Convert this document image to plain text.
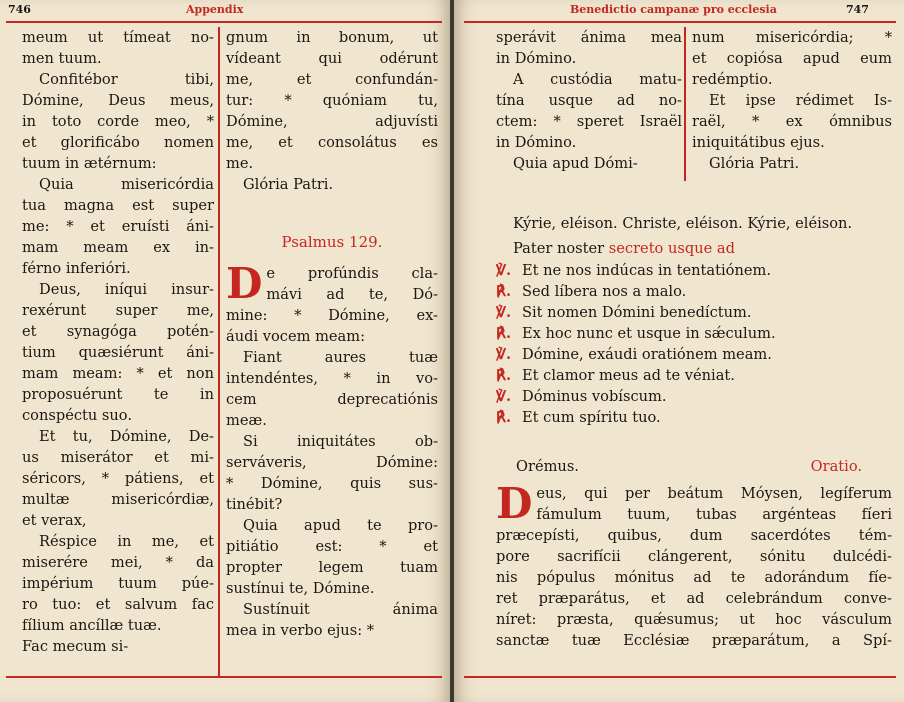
746	Appendix

meum ut tímeat no-

men tuum.

Confitébor tibi,

Dómine, Deus meus,

in toto corde meo, *

et glorificábo nomen

tuum in ætérnum:

Quia misericórdia

tua magna est super

me: * et eruísti áni-

mam meam ex in-

férno inferióri.

Deus, iníqui insur-

rexérunt super me,

et synagóga potén-

tium quæsiérunt áni-

mam meam: * et non

proposuérunt te in

conspéctu suo.

Et tu, Dómine, De-

us miserátor et mi-

séricors, * pátiens, et

multæ misericórdiæ,

et verax,

Réspice in me, et

miserére mei, * da

impérium tuum púe-

ro tuo: et salvum fac

fílium ancíllæ tuæ.

Fac mecum si-

gnum in bonum, ut

vídeant qui odérunt

me, et confundán-

tur: * quóniam tu,

Dómine, adjuvísti

me, et consolátus es

me.

Glória Patri.

Psalmus 129.
D e profúndis cla-

mávi ad te, Dó-

mine: * Dómine, ex-

áudi vocem meam:

Fiant aures tuæ

intendéntes, * in vo-

cem deprecatiónis

meæ.

Si iniquitátes ob-

serváveris, Dómine:

* Dómine, quis sus-

tinébit?

Quia apud te pro-

pitiátio est: * et

propter legem tuam

sustínui te, Dómine.

Sustínuit ánima

mea in verbo ejus: *

Benedictio campanæ pro ecclesia	747

sperávit ánima mea

in Dómino.

A custódia matu-

tína usque ad no-

ctem: * speret Israël

in Dómino.

Quia apud Dómi-

num misericórdia; *

et copiósa apud eum

redémptio.

Et ipse rédimet Is-

raël, * ex ómnibus

iniquitátibus ejus.

Glória Patri.

Kýrie, eléison. Christe, eléison. Kýrie, eléison.

Pater noster secreto usque ad

℣. Et ne nos indúcas in tentatiónem.

℟. Sed líbera nos a malo.

℣. Sit nomen Dómini benedíctum.

℟. Ex hoc nunc et usque in sǽculum.

℣. Dómine, exáudi oratiónem meam.

℟. Et clamor meus ad te véniat.

℣. Dóminus vobíscum.

℟. Et cum spíritu tuo.

Orémus.	Oratio.
D eus, qui per beátum Móysen, legíferum

fámulum tuum, tubas argénteas fíeri

præcepísti, quibus, dum sacerdótes tém-

pore sacrifícii clángerent, sónitu dulcédi-

nis pópulus mónitus ad te adorándum fíe-

ret præparátus, et ad celebrándum conve-

níret: præsta, quǽsumus; ut hoc vásculum

sanctæ tuæ Ecclésiæ præparátum, a Spí-
